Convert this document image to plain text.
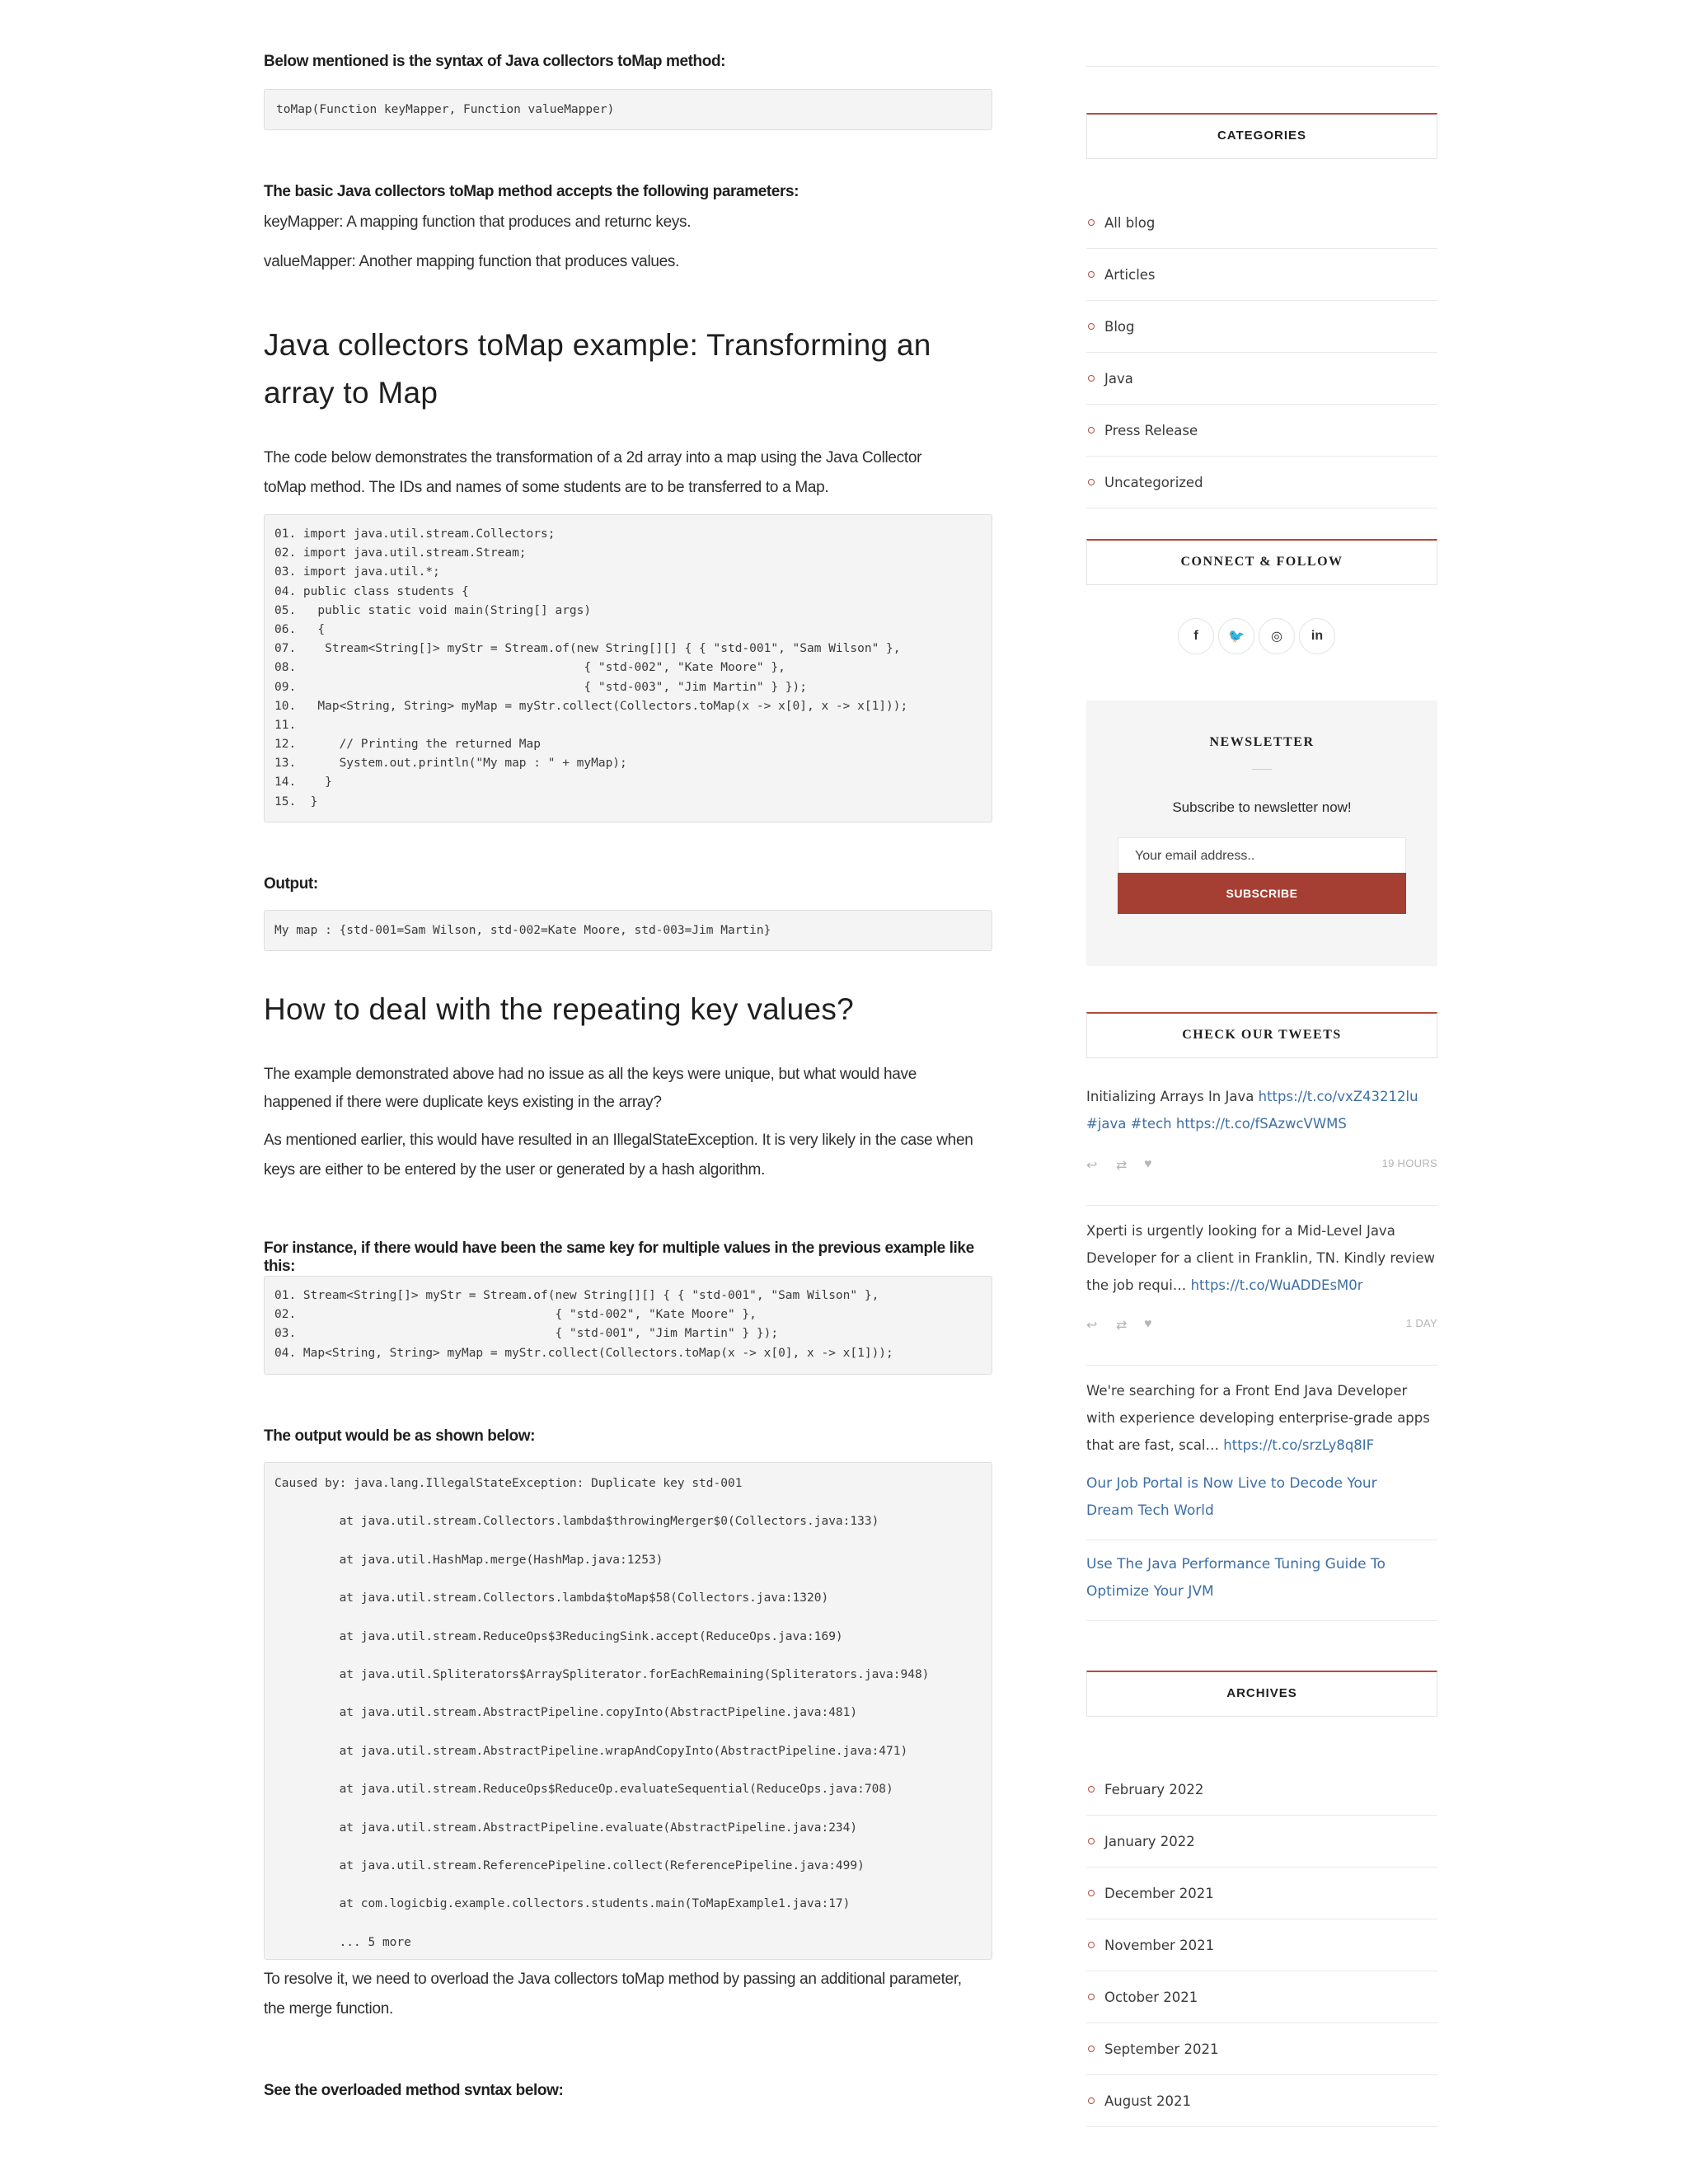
Below mentioned is the syntax of Java collectors toMap method:
toMap(Function keyMapper, Function valueMapper)
The basic Java collectors toMap method accepts the following parameters:
keyMapper: A mapping function that produces and returnc keys.
valueMapper: Another mapping function that produces values.
Java collectors toMap example: Transforming an
array to Map
The code below demonstrates the transformation of a 2d array into a map using the Java Collector
toMap method. The IDs and names of some students are to be transferred to a Map.
01. import java.util.stream.Collectors;
02. import java.util.stream.Stream;
03. import java.util.*;
04. public class students {
05.   public static void main(String[] args)
06.   {
07.    Stream<String[]> myStr = Stream.of(new String[][] { { "std-001", "Sam Wilson" },
08.                                        { "std-002", "Kate Moore" },
09.                                        { "std-003", "Jim Martin" } });
10.   Map<String, String> myMap = myStr.collect(Collectors.toMap(x -> x[0], x -> x[1]));
11.
12.      // Printing the returned Map
13.      System.out.println("My map : " + myMap);
14.    }
15.  }
Output:
My map : {std-001=Sam Wilson, std-002=Kate Moore, std-003=Jim Martin}
How to deal with the repeating key values?
The example demonstrated above had no issue as all the keys were unique, but what would have
happened if there were duplicate keys existing in the array?
As mentioned earlier, this would have resulted in an IllegalStateException. It is very likely in the case when
keys are either to be entered by the user or generated by a hash algorithm.
For instance, if there would have been the same key for multiple values in the previous example like this:
01. Stream<String[]> myStr = Stream.of(new String[][] { { "std-001", "Sam Wilson" },
02.                                    { "std-002", "Kate Moore" },
03.                                    { "std-001", "Jim Martin" } });
04. Map<String, String> myMap = myStr.collect(Collectors.toMap(x -> x[0], x -> x[1]));
The output would be as shown below:
Caused by: java.lang.IllegalStateException: Duplicate key std-001
at java.util.stream.Collectors.lambda$throwingMerger$0(Collectors.java:133)
at java.util.HashMap.merge(HashMap.java:1253)
at java.util.stream.Collectors.lambda$toMap$58(Collectors.java:1320)
at java.util.stream.ReduceOps$3ReducingSink.accept(ReduceOps.java:169)
at java.util.Spliterators$ArraySpliterator.forEachRemaining(Spliterators.java:948)
at java.util.stream.AbstractPipeline.copyInto(AbstractPipeline.java:481)
at java.util.stream.AbstractPipeline.wrapAndCopyInto(AbstractPipeline.java:471)
at java.util.stream.ReduceOps$ReduceOp.evaluateSequential(ReduceOps.java:708)
at java.util.stream.AbstractPipeline.evaluate(AbstractPipeline.java:234)
at java.util.stream.ReferencePipeline.collect(ReferencePipeline.java:499)
at com.logicbig.example.collectors.students.main(ToMapExample1.java:17)
... 5 more
To resolve it, we need to overload the Java collectors toMap method by passing an additional parameter,
the merge function.
See the overloaded method svntax below:
CATEGORIES
All blog
Articles
Blog
Java
Press Release
Uncategorized
CONNECT & FOLLOW
f	🐦	◎	in
NEWSLETTER
Subscribe to newsletter now!
Your email address..
SUBSCRIBE
CHECK OUR TWEETS
Initializing Arrays In Java https://t.co/vxZ43212lu
#java #tech https://t.co/fSAzwcVWMS
↩ ⇄ ♥	19 HOURS
Xperti is urgently looking for a Mid-Level Java
Developer for a client in Franklin, TN. Kindly review
the job requi… https://t.co/WuADDEsM0r
↩ ⇄ ♥	1 DAY
We're searching for a Front End Java Developer
with experience developing enterprise-grade apps
that are fast, scal… https://t.co/srzLy8q8IF
Our Job Portal is Now Live to Decode Your
Dream Tech World
Use The Java Performance Tuning Guide To
Optimize Your JVM
ARCHIVES
February 2022
January 2022
December 2021
November 2021
October 2021
September 2021
August 2021
